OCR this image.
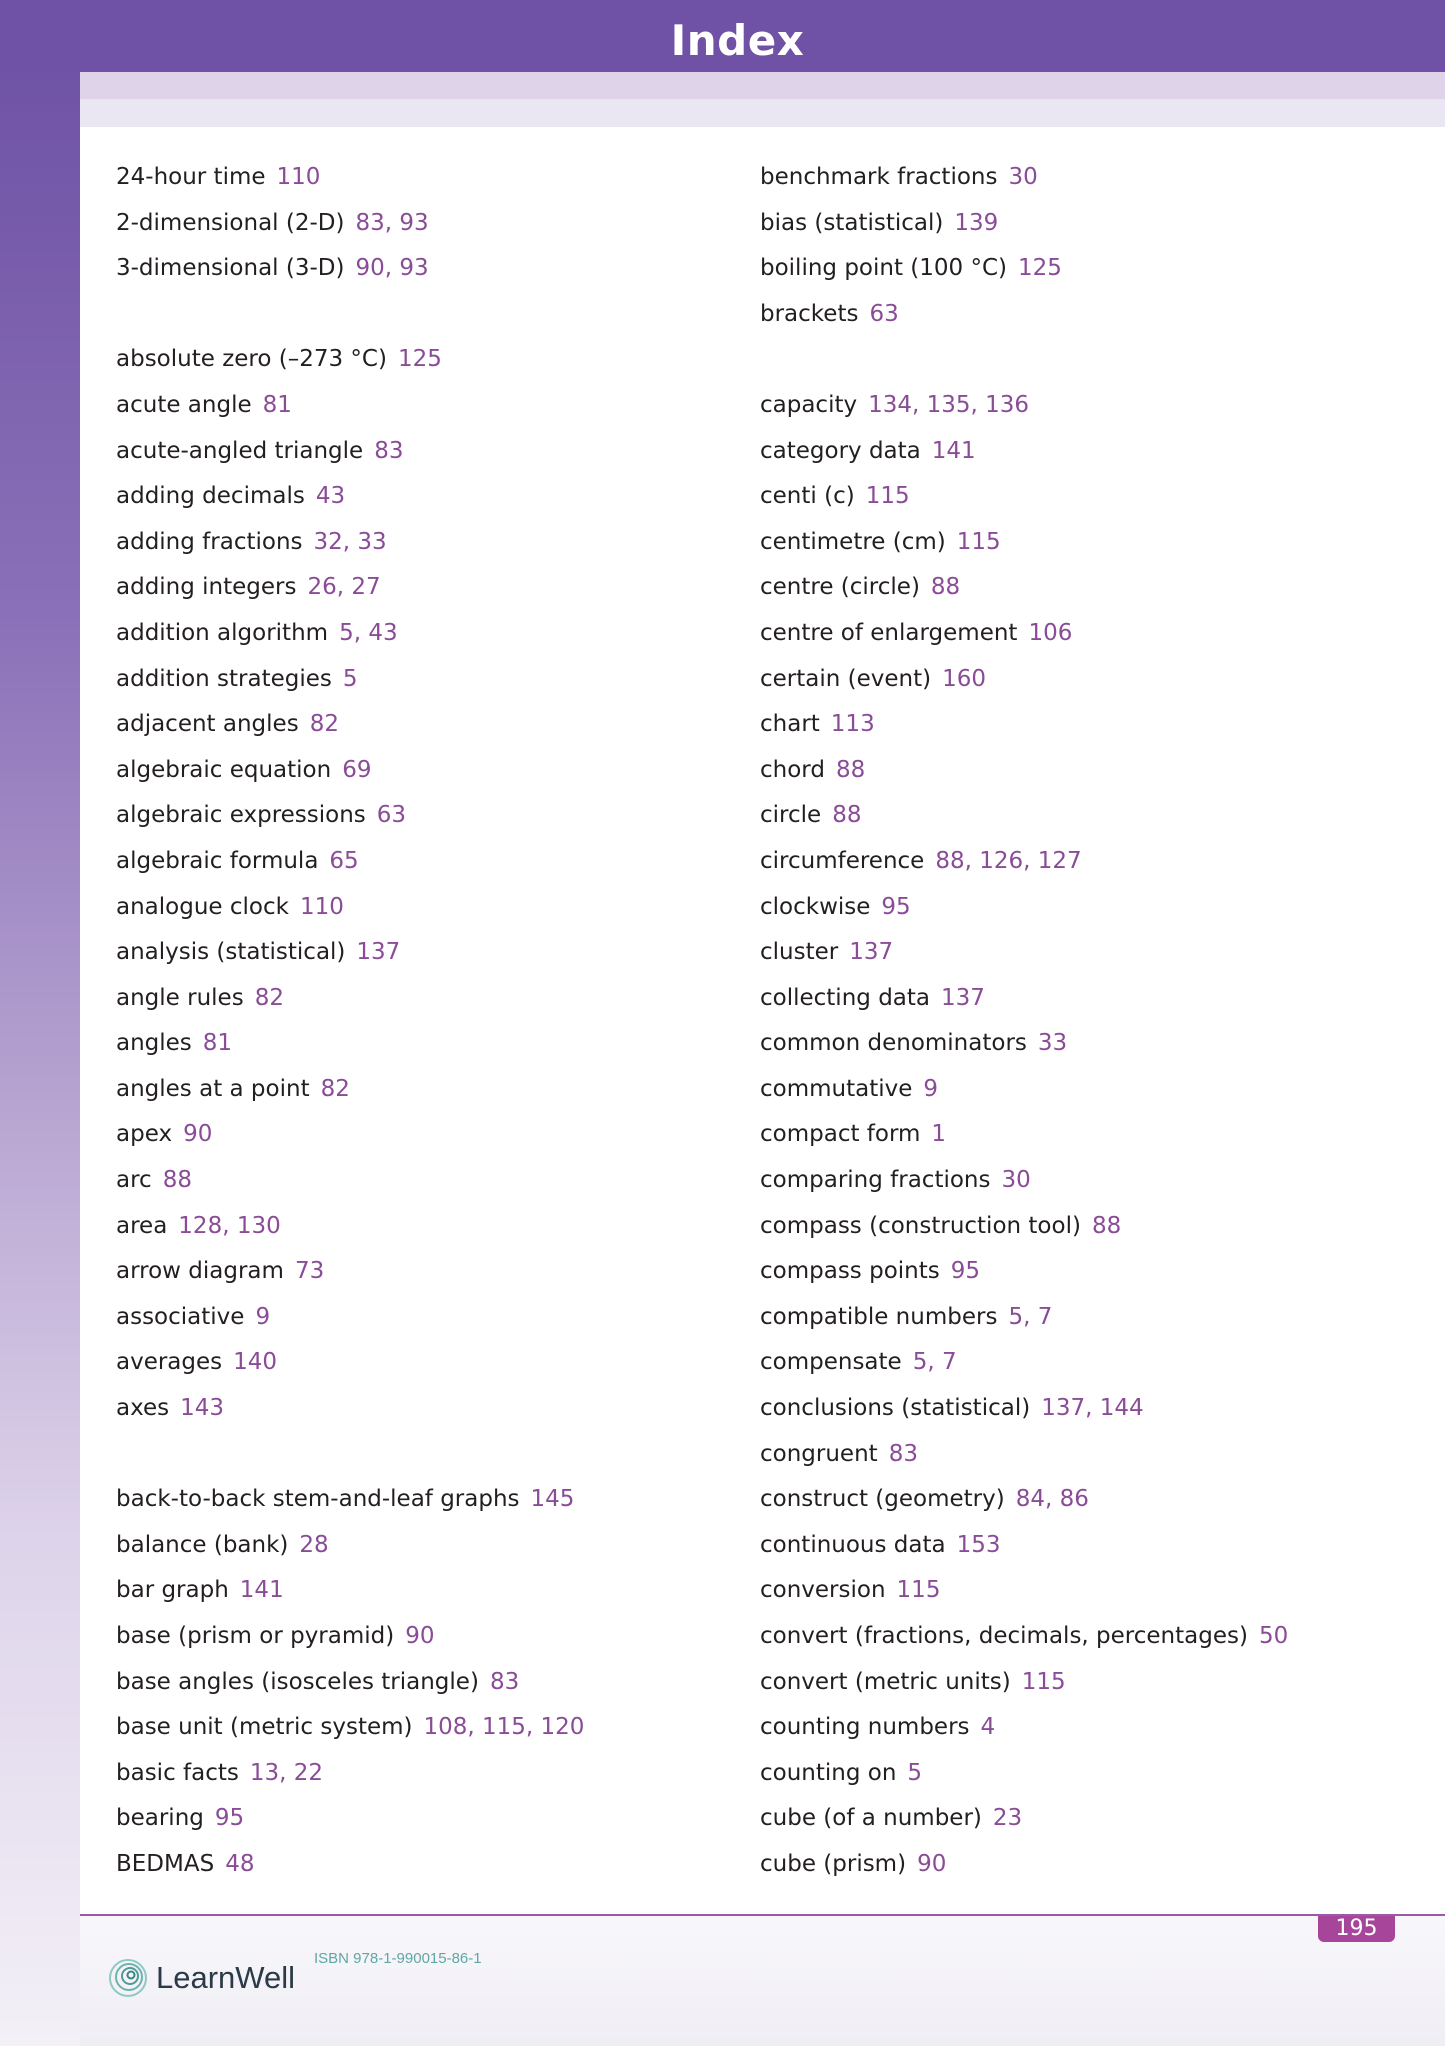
Index
24-hour time 110
2-dimensional (2-D) 83, 93
3-dimensional (3-D) 90, 93
absolute zero (–273 °C) 125
acute angle 81
acute-angled triangle 83
adding decimals 43
adding fractions 32, 33
adding integers 26, 27
addition algorithm 5, 43
addition strategies 5
adjacent angles 82
algebraic equation 69
algebraic expressions 63
algebraic formula 65
analogue clock 110
analysis (statistical) 137
angle rules 82
angles 81
angles at a point 82
apex 90
arc 88
area 128, 130
arrow diagram 73
associative 9
averages 140
axes 143
back-to-back stem-and-leaf graphs 145
balance (bank) 28
bar graph 141
base (prism or pyramid) 90
base angles (isosceles triangle) 83
base unit (metric system) 108, 115, 120
basic facts 13, 22
bearing 95
BEDMAS 48
benchmark fractions 30
bias (statistical) 139
boiling point (100 °C) 125
brackets 63
capacity 134, 135, 136
category data 141
centi (c) 115
centimetre (cm) 115
centre (circle) 88
centre of enlargement 106
certain (event) 160
chart 113
chord 88
circle 88
circumference 88, 126, 127
clockwise 95
cluster 137
collecting data 137
common denominators 33
commutative 9
compact form 1
comparing fractions 30
compass (construction tool) 88
compass points 95
compatible numbers 5, 7
compensate 5, 7
conclusions (statistical) 137, 144
congruent 83
construct (geometry) 84, 86
continuous data 153
conversion 115
convert (fractions, decimals, percentages) 50
convert (metric units) 115
counting numbers 4
counting on 5
cube (of a number) 23
cube (prism) 90
195
LearnWell
ISBN 978-1-990015-86-1
